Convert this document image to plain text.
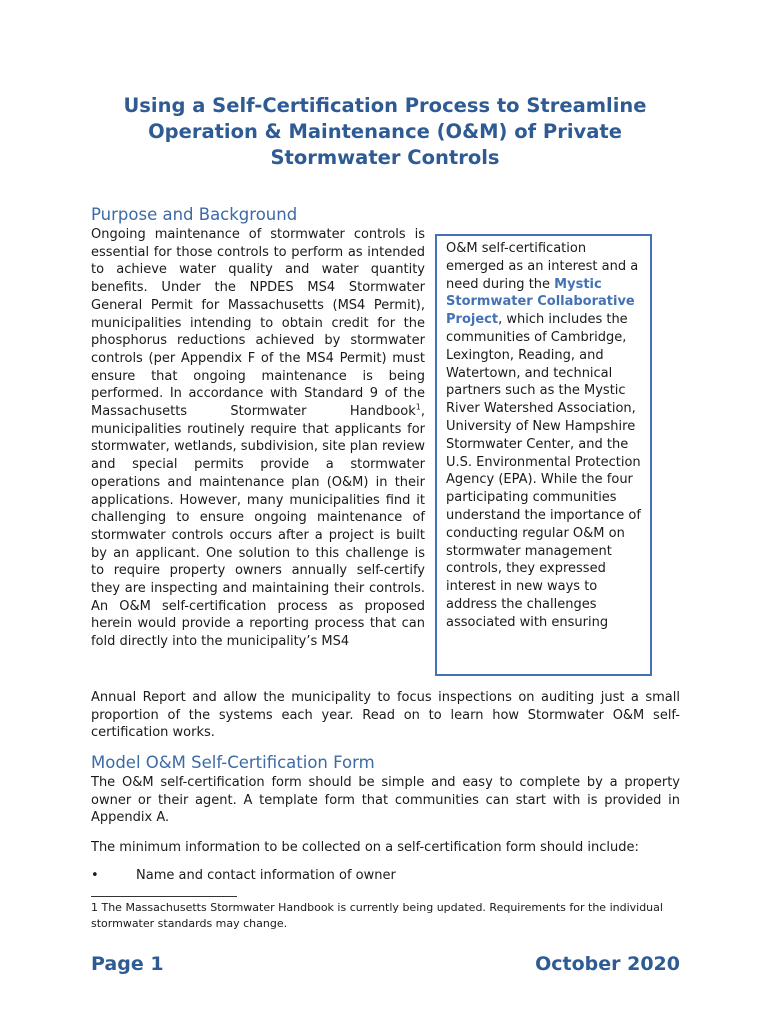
Using a Self-Certification Process to Streamline Operation & Maintenance (O&M) of Private Stormwater Controls
Purpose and Background

Ongoing maintenance of stormwater controls is essential for those controls to perform as intended to achieve water quality and water quantity benefits. Under the NPDES MS4 Stormwater General Permit for Massachusetts (MS4 Permit), municipalities intending to obtain credit for the phosphorus reductions achieved by stormwater controls (per Appendix F of the MS4 Permit) must ensure that ongoing maintenance is being performed. In accordance with Standard 9 of the Massachusetts Stormwater Handbook$^1$, municipalities routinely require that applicants for stormwater, wetlands, subdivision, site plan review and special permits provide a stormwater operations and maintenance plan (O&M) in their applications. However, many municipalities find it challenging to ensure ongoing maintenance of stormwater controls occurs after a project is built by an applicant. One solution to this challenge is to require property owners annually self-certify they are inspecting and maintaining their controls. An O&M self-certification process as proposed herein would provide a reporting process that can fold directly into the municipality’s MS4

O&M self-certification emerged as an interest and a need during the Mystic Stormwater Collaborative Project, which includes the communities of Cambridge, Lexington, Reading, and Watertown, and technical partners such as the Mystic River Watershed Association, University of New Hampshire Stormwater Center, and the U.S. Environmental Protection Agency (EPA). While the four participating communities understand the importance of conducting regular O&M on stormwater management controls, they expressed interest in new ways to address the challenges associated with ensuring

Annual Report and allow the municipality to focus inspections on auditing just a small proportion of the systems each year. Read on to learn how Stormwater O&M self-certification works.

Model O&M Self-Certification Form

The O&M self-certification form should be simple and easy to complete by a property owner or their agent. A template form that communities can start with is provided in Appendix A.

The minimum information to be collected on a self-certification form should include:

•	Name and contact information of owner

1 The Massachusetts Stormwater Handbook is currently being updated. Requirements for the individual stormwater standards may change.

Page 1	October 2020
